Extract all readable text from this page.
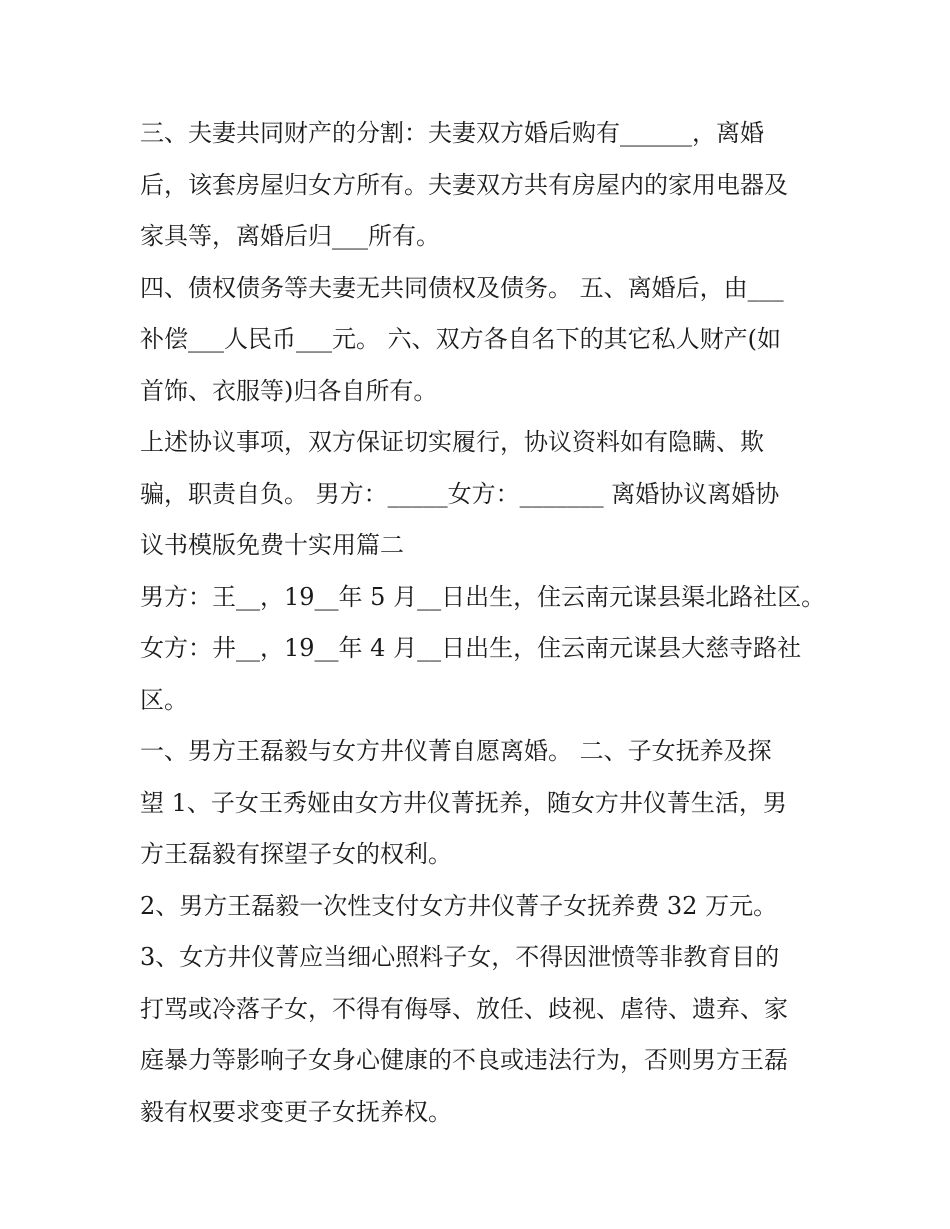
三、夫妻共同财产的分割：夫妻双方婚后购有______，离婚
后，该套房屋归女方所有。夫妻双方共有房屋内的家用电器及
家具等，离婚后归___所有。
四、债权债务等夫妻无共同债权及债务。 五、离婚后，由___
补偿___人民币___元。 六、双方各自名下的其它私人财产(如
首饰、衣服等)归各自所有。
上述协议事项，双方保证切实履行，协议资料如有隐瞒、欺
骗，职责自负。 男方：_____女方：_______ 离婚协议离婚协
议书模版免费十实用篇二
男方：王__，19__年 5 月__日出生，住云南元谋县渠北路社区。
女方：井__，19__年 4 月__日出生，住云南元谋县大慈寺路社
区。
一、男方王磊毅与女方井仪菁自愿离婚。 二、子女抚养及探
望 1、子女王秀娅由女方井仪菁抚养，随女方井仪菁生活，男
方王磊毅有探望子女的权利。
2、男方王磊毅一次性支付女方井仪菁子女抚养费 32 万元。
3、女方井仪菁应当细心照料子女，不得因泄愤等非教育目的
打骂或冷落子女，不得有侮辱、放任、歧视、虐待、遗弃、家
庭暴力等影响子女身心健康的不良或违法行为，否则男方王磊
毅有权要求变更子女抚养权。
